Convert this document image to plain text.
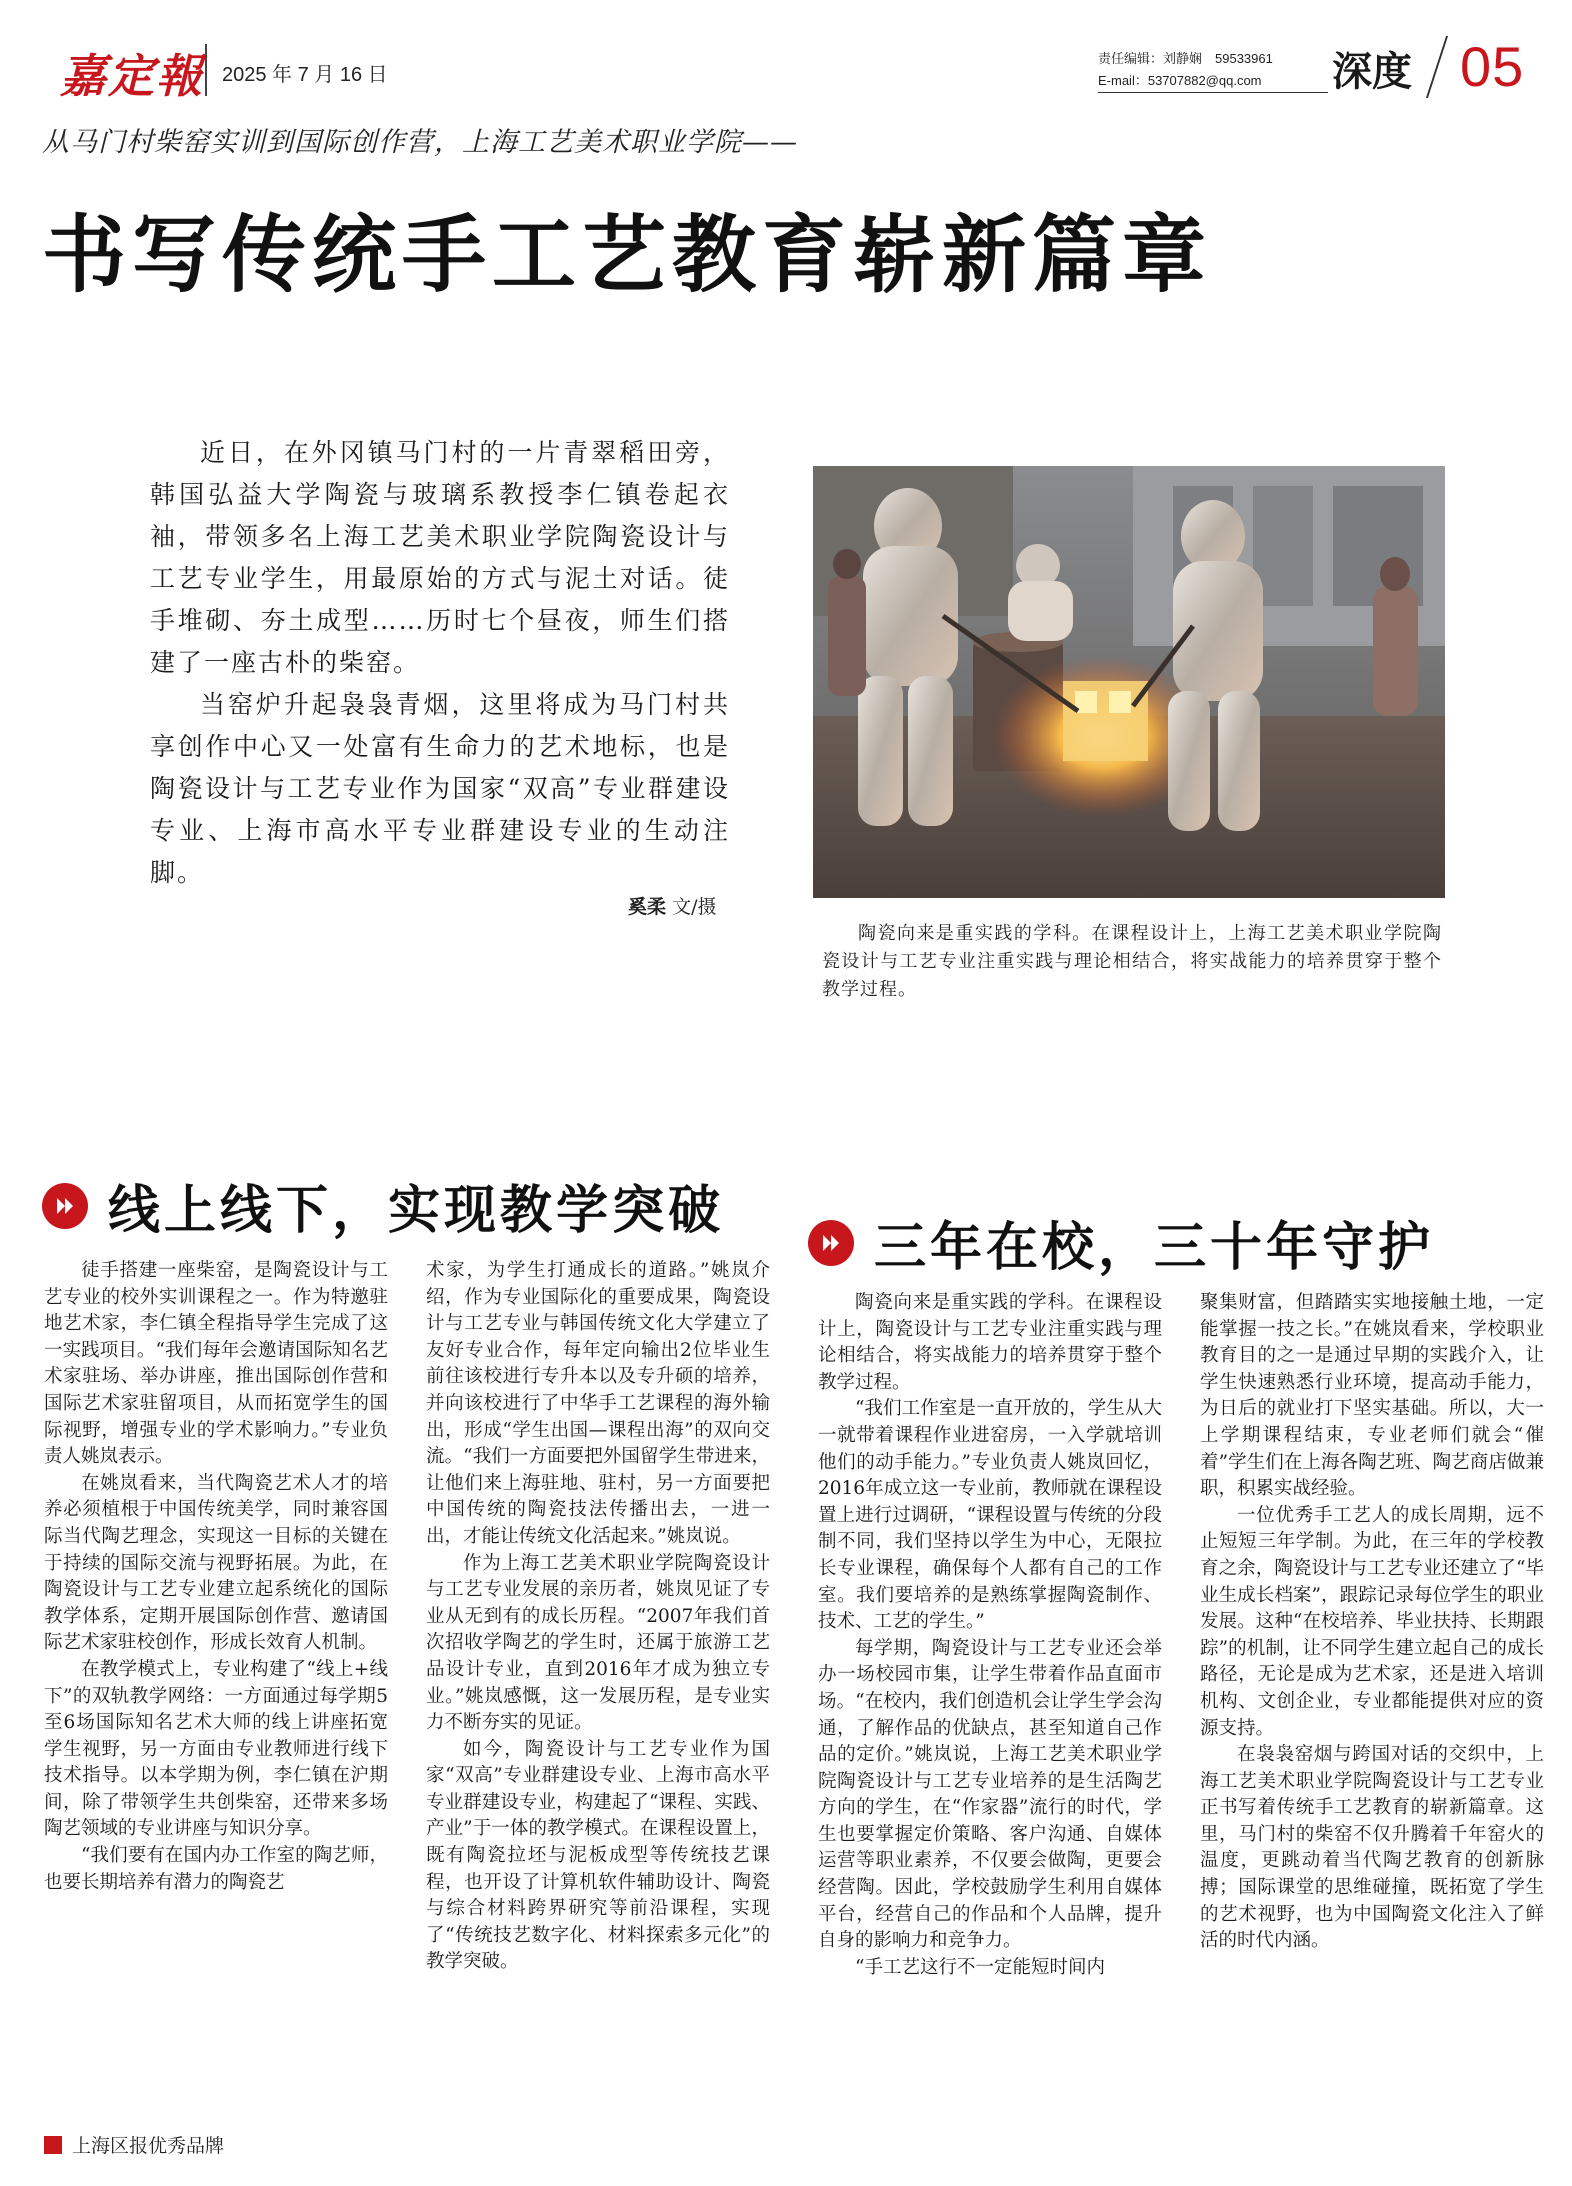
嘉定報 2025 年 7 月 16 日
责任编辑：刘静娴　59533961
E-mail：53707882@qq.com	深度 05
从马门村柴窑实训到国际创作营，上海工艺美术职业学院——
书写传统手工艺教育崭新篇章

近日，在外冈镇马门村的一片青翠稻田旁，韩国弘益大学陶瓷与玻璃系教授李仁镇卷起衣袖，带领多名上海工艺美术职业学院陶瓷设计与工艺专业学生，用最原始的方式与泥土对话。徒手堆砌、夯土成型……历时七个昼夜，师生们搭建了一座古朴的柴窑。

当窑炉升起袅袅青烟，这里将成为马门村共享创作中心又一处富有生命力的艺术地标，也是陶瓷设计与工艺专业作为国家“双高”专业群建设专业、上海市高水平专业群建设专业的生动注脚。

奚柔 文/摄
陶瓷向来是重实践的学科。在课程设计上，上海工艺美术职业学院陶瓷设计与工艺专业注重实践与理论相结合，将实战能力的培养贯穿于整个教学过程。
线上线下，实现教学突破
三年在校，三十年守护

徒手搭建一座柴窑，是陶瓷设计与工艺专业的校外实训课程之一。作为特邀驻地艺术家，李仁镇全程指导学生完成了这一实践项目。“我们每年会邀请国际知名艺术家驻场、举办讲座，推出国际创作营和国际艺术家驻留项目，从而拓宽学生的国际视野，增强专业的学术影响力。”专业负责人姚岚表示。

在姚岚看来，当代陶瓷艺术人才的培养必须植根于中国传统美学，同时兼容国际当代陶艺理念，实现这一目标的关键在于持续的国际交流与视野拓展。为此，在陶瓷设计与工艺专业建立起系统化的国际教学体系，定期开展国际创作营、邀请国际艺术家驻校创作，形成长效育人机制。

在教学模式上，专业构建了“线上+线下”的双轨教学网络：一方面通过每学期5至6场国际知名艺术大师的线上讲座拓宽学生视野，另一方面由专业教师进行线下技术指导。以本学期为例，李仁镇在沪期间，除了带领学生共创柴窑，还带来多场陶艺领域的专业讲座与知识分享。

“我们要有在国内办工作室的陶艺师，也要长期培养有潜力的陶瓷艺

术家，为学生打通成长的道路。”姚岚介绍，作为专业国际化的重要成果，陶瓷设计与工艺专业与韩国传统文化大学建立了友好专业合作，每年定向输出2位毕业生前往该校进行专升本以及专升硕的培养，并向该校进行了中华手工艺课程的海外输出，形成“学生出国—课程出海”的双向交流。“我们一方面要把外国留学生带进来，让他们来上海驻地、驻村，另一方面要把中国传统的陶瓷技法传播出去，一进一出，才能让传统文化活起来。”姚岚说。

作为上海工艺美术职业学院陶瓷设计与工艺专业发展的亲历者，姚岚见证了专业从无到有的成长历程。“2007年我们首次招收学陶艺的学生时，还属于旅游工艺品设计专业，直到2016年才成为独立专业。”姚岚感慨，这一发展历程，是专业实力不断夯实的见证。

如今，陶瓷设计与工艺专业作为国家“双高”专业群建设专业、上海市高水平专业群建设专业，构建起了“课程、实践、产业”于一体的教学模式。在课程设置上，既有陶瓷拉坯与泥板成型等传统技艺课程，也开设了计算机软件辅助设计、陶瓷与综合材料跨界研究等前沿课程，实现了“传统技艺数字化、材料探索多元化”的教学突破。

陶瓷向来是重实践的学科。在课程设计上，陶瓷设计与工艺专业注重实践与理论相结合，将实战能力的培养贯穿于整个教学过程。

“我们工作室是一直开放的，学生从大一就带着课程作业进窑房，一入学就培训他们的动手能力。”专业负责人姚岚回忆，2016年成立这一专业前，教师就在课程设置上进行过调研，“课程设置与传统的分段制不同，我们坚持以学生为中心，无限拉长专业课程，确保每个人都有自己的工作室。我们要培养的是熟练掌握陶瓷制作、技术、工艺的学生。”

每学期，陶瓷设计与工艺专业还会举办一场校园市集，让学生带着作品直面市场。“在校内，我们创造机会让学生学会沟通，了解作品的优缺点，甚至知道自己作品的定价。”姚岚说，上海工艺美术职业学院陶瓷设计与工艺专业培养的是生活陶艺方向的学生，在“作家器”流行的时代，学生也要掌握定价策略、客户沟通、自媒体运营等职业素养，不仅要会做陶，更要会经营陶。因此，学校鼓励学生利用自媒体平台，经营自己的作品和个人品牌，提升自身的影响力和竞争力。

“手工艺这行不一定能短时间内

聚集财富，但踏踏实实地接触土地，一定能掌握一技之长。”在姚岚看来，学校职业教育目的之一是通过早期的实践介入，让学生快速熟悉行业环境，提高动手能力，为日后的就业打下坚实基础。所以，大一上学期课程结束，专业老师们就会“催着”学生们在上海各陶艺班、陶艺商店做兼职，积累实战经验。

一位优秀手工艺人的成长周期，远不止短短三年学制。为此，在三年的学校教育之余，陶瓷设计与工艺专业还建立了“毕业生成长档案”，跟踪记录每位学生的职业发展。这种“在校培养、毕业扶持、长期跟踪”的机制，让不同学生建立起自己的成长路径，无论是成为艺术家，还是进入培训机构、文创企业，专业都能提供对应的资源支持。

在袅袅窑烟与跨国对话的交织中，上海工艺美术职业学院陶瓷设计与工艺专业正书写着传统手工艺教育的崭新篇章。这里，马门村的柴窑不仅升腾着千年窑火的温度，更跳动着当代陶艺教育的创新脉搏；国际课堂的思维碰撞，既拓宽了学生的艺术视野，也为中国陶瓷文化注入了鲜活的时代内涵。

上海区报优秀品牌
